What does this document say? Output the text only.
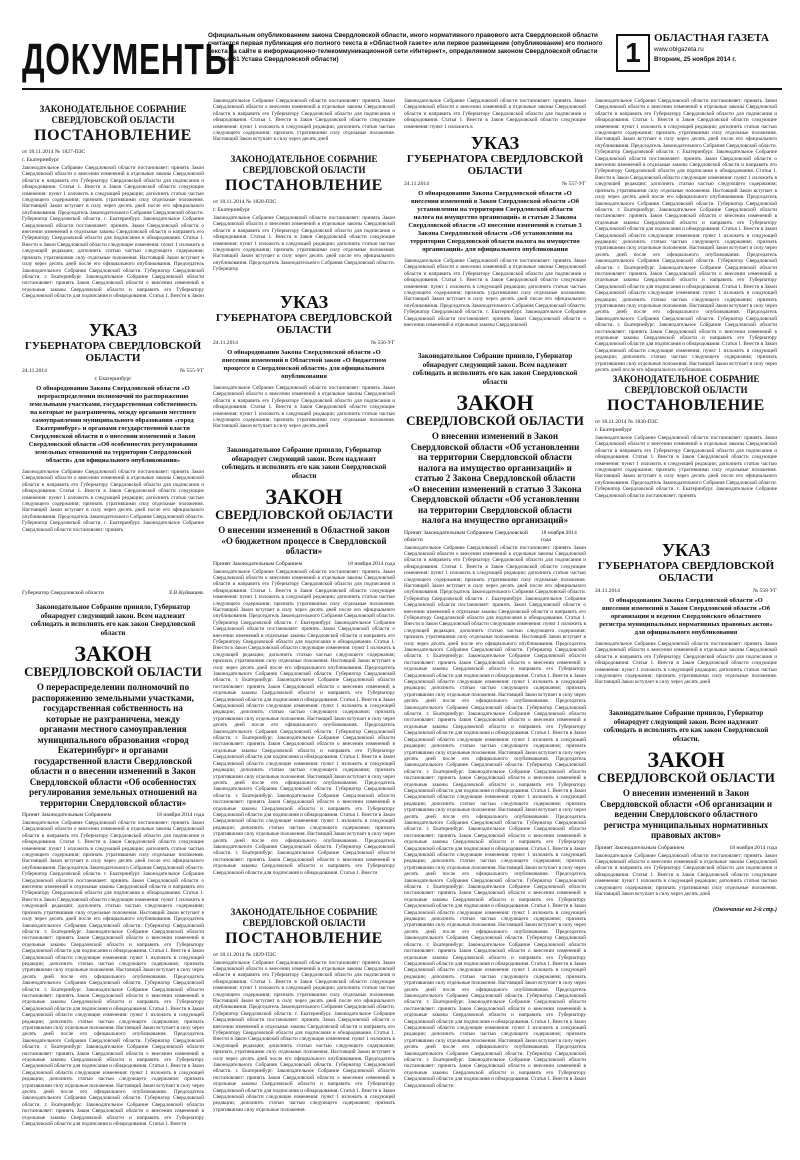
ДОКУМЕНТЫ
Официальным опубликованием закона Свердловской области, иного нормативного правового акта Свердловской области считается первая публикация его полного текста в «Областной газете» или первое размещение (опубликование) его полного текста на сайте в информационно-телекоммуникационной сети «Интернет», определяемом законом Свердловской области (статья 61 Устава Свердловской области)	1	ОБЛАСТНАЯ ГАЗЕТА
www.oblgazeta.ru
Вторник, 25 ноября 2014 г.
ЗАКОНОДАТЕЛЬНОЕ СОБРАНИЕ СВЕРДЛОВСКОЙ ОБЛАСТИ
ПОСТАНОВЛЕНИЕ
от 18.11.2014 № 1827-ПЗС
г. Екатеринбург

Законодательное Собрание Свердловской области постановляет: принять Закон Свердловской области о внесении изменений в отдельные законы Свердловской области и направить его Губернатору Свердловской области для подписания и обнародования. Статья 1. Внести в Закон Свердловской области следующие изменения: пункт 1 изложить в следующей редакции; дополнить статью частью следующего содержания; признать утратившими силу отдельные положения. Настоящий Закон вступает в силу через десять дней после его официального опубликования. Председатель Законодательного Собрания Свердловской области. Губернатор Свердловской области. г. Екатеринбург. Законодательное Собрание Свердловской области постановляет: принять Закон Свердловской области о внесении изменений в отдельные законы Свердловской области и направить его Губернатору Свердловской области для подписания и обнародования. Статья 1. Внести в Закон Свердловской области следующие изменения: пункт 1 изложить в следующей редакции; дополнить статью частью следующего содержания; признать утратившими силу отдельные положения. Настоящий Закон вступает в силу через десять дней после его официального опубликования. Председатель Законодательного Собрания Свердловской области. Губернатор Свердловской области. г. Екатеринбург. Законодательное Собрание Свердловской области постановляет: принять Закон Свердловской области о внесении изменений в отдельные законы Свердловской области и направить его Губернатору Свердловской области для подписания и обнародования. Статья 1. Внести в Закон

УКАЗ
ГУБЕРНАТОРА СВЕРДЛОВСКОЙ ОБЛАСТИ
24.11.2014	№ 555-УГ
г. Екатеринбург
О обнародовании Закона Свердловской области «О перераспределении полномочий по распоряжению земельными участками, государственная собственность на которые не разграничена, между органами местного самоуправления муниципального образования «город Екатеринбург» и органами государственной власти Свердловской области и о внесении изменений в Закон Свердловской области «Об особенностях регулирования земельных отношений на территории Свердловской области» для официального опубликования»

Законодательное Собрание Свердловской области постановляет: принять Закон Свердловской области о внесении изменений в отдельные законы Свердловской области и направить его Губернатору Свердловской области для подписания и обнародования. Статья 1. Внести в Закон Свердловской области следующие изменения: пункт 1 изложить в следующей редакции; дополнить статью частью следующего содержания; признать утратившими силу отдельные положения. Настоящий Закон вступает в силу через десять дней после его официального опубликования. Председатель Законодательного Собрания Свердловской области. Губернатор Свердловской области. г. Екатеринбург. Законодательное Собрание Свердловской области постановляет: принять

Губернатор Свердловской области	Е.В.Куйвашев.
Законодательное Собрание приняло, Губернатор обнародует следующий закон. Всем надлежит соблюдать и исполнять его как закон Свердловской области
ЗАКОН
СВЕРДЛОВСКОЙ ОБЛАСТИ
О перераспределении полномочий по распоряжению земельными участками, государственная собственность на которые не разграничена, между органами местного самоуправления муниципального образования «город Екатеринбург» и органами государственной власти Свердловской области и о внесении изменений в Закон Свердловской области «Об особенностях регулирования земельных отношений на территории Свердловской области»
Принят Законодательным Собранием	18 ноября 2014 года

Законодательное Собрание Свердловской области постановляет: принять Закон Свердловской области о внесении изменений в отдельные законы Свердловской области и направить его Губернатору Свердловской области для подписания и обнародования. Статья 1. Внести в Закон Свердловской области следующие изменения: пункт 1 изложить в следующей редакции; дополнить статью частью следующего содержания; признать утратившими силу отдельные положения. Настоящий Закон вступает в силу через десять дней после его официального опубликования. Председатель Законодательного Собрания Свердловской области. Губернатор Свердловской области. г. Екатеринбург. Законодательное Собрание Свердловской области постановляет: принять Закон Свердловской области о внесении изменений в отдельные законы Свердловской области и направить его Губернатору Свердловской области для подписания и обнародования. Статья 1. Внести в Закон Свердловской области следующие изменения: пункт 1 изложить в следующей редакции; дополнить статью частью следующего содержания; признать утратившими силу отдельные положения. Настоящий Закон вступает в силу через десять дней после его официального опубликования. Председатель Законодательного Собрания Свердловской области. Губернатор Свердловской области. г. Екатеринбург. Законодательное Собрание Свердловской области постановляет: принять Закон Свердловской области о внесении изменений в отдельные законы Свердловской области и направить его Губернатору Свердловской области для подписания и обнародования. Статья 1. Внести в Закон Свердловской области следующие изменения: пункт 1 изложить в следующей редакции; дополнить статью частью следующего содержания; признать утратившими силу отдельные положения. Настоящий Закон вступает в силу через десять дней после его официального опубликования. Председатель Законодательного Собрания Свердловской области. Губернатор Свердловской области. г. Екатеринбург. Законодательное Собрание Свердловской области постановляет: принять Закон Свердловской области о внесении изменений в отдельные законы Свердловской области и направить его Губернатору Свердловской области для подписания и обнародования. Статья 1. Внести в Закон Свердловской области следующие изменения: пункт 1 изложить в следующей редакции; дополнить статью частью следующего содержания; признать утратившими силу отдельные положения. Настоящий Закон вступает в силу через десять дней после его официального опубликования. Председатель Законодательного Собрания Свердловской области. Губернатор Свердловской области. г. Екатеринбург. Законодательное Собрание Свердловской области постановляет: принять Закон Свердловской области о внесении изменений в отдельные законы Свердловской области и направить его Губернатору Свердловской области для подписания и обнародования. Статья 1. Внести в Закон Свердловской области следующие изменения: пункт 1 изложить в следующей редакции; дополнить статью частью следующего содержания; признать утратившими силу отдельные положения. Настоящий Закон вступает в силу через десять дней после его официального опубликования. Председатель Законодательного Собрания Свердловской области. Губернатор Свердловской области. г. Екатеринбург. Законодательное Собрание Свердловской области постановляет: принять Закон Свердловской области о внесении изменений в отдельные законы Свердловской области и направить его Губернатору Свердловской области для подписания и обнародования. Статья 1. Внести

Законодательное Собрание Свердловской области постановляет: принять Закон Свердловской области о внесении изменений в отдельные законы Свердловской области и направить его Губернатору Свердловской области для подписания и обнародования. Статья 1. Внести в Закон Свердловской области следующие изменения: пункт 1 изложить в следующей редакции; дополнить статью частью следующего содержания; признать утратившими силу отдельные положения. Настоящий Закон вступает в силу через десять дней

ЗАКОНОДАТЕЛЬНОЕ СОБРАНИЕ СВЕРДЛОВСКОЙ ОБЛАСТИ
ПОСТАНОВЛЕНИЕ
от 18.11.2014 № 1828-ПЗС
г. Екатеринбург

Законодательное Собрание Свердловской области постановляет: принять Закон Свердловской области о внесении изменений в отдельные законы Свердловской области и направить его Губернатору Свердловской области для подписания и обнародования. Статья 1. Внести в Закон Свердловской области следующие изменения: пункт 1 изложить в следующей редакции; дополнить статью частью следующего содержания; признать утратившими силу отдельные положения. Настоящий Закон вступает в силу через десять дней после его официального опубликования. Председатель Законодательного Собрания Свердловской области. Губернатор

УКАЗ
ГУБЕРНАТОРА СВЕРДЛОВСКОЙ ОБЛАСТИ
24.11.2014	№ 556-УГ
О обнародовании Закона Свердловской области «О внесении изменений в Областной закон «О бюджетном процессе в Свердловской области» для официального опубликования

Законодательное Собрание Свердловской области постановляет: принять Закон Свердловской области о внесении изменений в отдельные законы Свердловской области и направить его Губернатору Свердловской области для подписания и обнародования. Статья 1. Внести в Закон Свердловской области следующие изменения: пункт 1 изложить в следующей редакции; дополнить статью частью следующего содержания; признать утратившими силу отдельные положения. Настоящий Закон вступает в силу через десять дней

Законодательное Собрание приняло, Губернатор обнародует следующий закон. Всем надлежит соблюдать и исполнять его как закон Свердловской области
ЗАКОН
СВЕРДЛОВСКОЙ ОБЛАСТИ
О внесении изменений в Областной закон «О бюджетном процессе в Свердловской области»
Принят Законодательным Собранием	18 ноября 2014 года

Законодательное Собрание Свердловской области постановляет: принять Закон Свердловской области о внесении изменений в отдельные законы Свердловской области и направить его Губернатору Свердловской области для подписания и обнародования. Статья 1. Внести в Закон Свердловской области следующие изменения: пункт 1 изложить в следующей редакции; дополнить статью частью следующего содержания; признать утратившими силу отдельные положения. Настоящий Закон вступает в силу через десять дней после его официального опубликования. Председатель Законодательного Собрания Свердловской области. Губернатор Свердловской области. г. Екатеринбург. Законодательное Собрание Свердловской области постановляет: принять Закон Свердловской области о внесении изменений в отдельные законы Свердловской области и направить его Губернатору Свердловской области для подписания и обнародования. Статья 1. Внести в Закон Свердловской области следующие изменения: пункт 1 изложить в следующей редакции; дополнить статью частью следующего содержания; признать утратившими силу отдельные положения. Настоящий Закон вступает в силу через десять дней после его официального опубликования. Председатель Законодательного Собрания Свердловской области. Губернатор Свердловской области. г. Екатеринбург. Законодательное Собрание Свердловской области постановляет: принять Закон Свердловской области о внесении изменений в отдельные законы Свердловской области и направить его Губернатору Свердловской области для подписания и обнародования. Статья 1. Внести в Закон Свердловской области следующие изменения: пункт 1 изложить в следующей редакции; дополнить статью частью следующего содержания; признать утратившими силу отдельные положения. Настоящий Закон вступает в силу через десять дней после его официального опубликования. Председатель Законодательного Собрания Свердловской области. Губернатор Свердловской области. г. Екатеринбург. Законодательное Собрание Свердловской области постановляет: принять Закон Свердловской области о внесении изменений в отдельные законы Свердловской области и направить его Губернатору Свердловской области для подписания и обнародования. Статья 1. Внести в Закон Свердловской области следующие изменения: пункт 1 изложить в следующей редакции; дополнить статью частью следующего содержания; признать утратившими силу отдельные положения. Настоящий Закон вступает в силу через десять дней после его официального опубликования. Председатель Законодательного Собрания Свердловской области. Губернатор Свердловской области. г. Екатеринбург. Законодательное Собрание Свердловской области постановляет: принять Закон Свердловской области о внесении изменений в отдельные законы Свердловской области и направить его Губернатору Свердловской области для подписания и обнародования. Статья 1. Внести в Закон Свердловской области следующие изменения: пункт 1 изложить в следующей редакции; дополнить статью частью следующего содержания; признать утратившими силу отдельные положения. Настоящий Закон вступает в силу через десять дней после его официального опубликования. Председатель Законодательного Собрания Свердловской области. Губернатор Свердловской области. г. Екатеринбург. Законодательное Собрание Свердловской области постановляет: принять Закон Свердловской области о внесении изменений в отдельные законы Свердловской области и направить его Губернатору Свердловской области для подписания и обнародования. Статья 1. Внести

ЗАКОНОДАТЕЛЬНОЕ СОБРАНИЕ СВЕРДЛОВСКОЙ ОБЛАСТИ
ПОСТАНОВЛЕНИЕ
от 18.11.2014 № 1829-ПЗС

Законодательное Собрание Свердловской области постановляет: принять Закон Свердловской области о внесении изменений в отдельные законы Свердловской области и направить его Губернатору Свердловской области для подписания и обнародования. Статья 1. Внести в Закон Свердловской области следующие изменения: пункт 1 изложить в следующей редакции; дополнить статью частью следующего содержания; признать утратившими силу отдельные положения. Настоящий Закон вступает в силу через десять дней после его официального опубликования. Председатель Законодательного Собрания Свердловской области. Губернатор Свердловской области. г. Екатеринбург. Законодательное Собрание Свердловской области постановляет: принять Закон Свердловской области о внесении изменений в отдельные законы Свердловской области и направить его Губернатору Свердловской области для подписания и обнародования. Статья 1. Внести в Закон Свердловской области следующие изменения: пункт 1 изложить в следующей редакции; дополнить статью частью следующего содержания; признать утратившими силу отдельные положения. Настоящий Закон вступает в силу через десять дней после его официального опубликования. Председатель Законодательного Собрания Свердловской области. Губернатор Свердловской области. г. Екатеринбург. Законодательное Собрание Свердловской области постановляет: принять Закон Свердловской области о внесении изменений в отдельные законы Свердловской области и направить его Губернатору Свердловской области для подписания и обнародования. Статья 1. Внести в Закон Свердловской области следующие изменения: пункт 1 изложить в следующей редакции; дополнить статью частью следующего содержания; признать утратившими силу отдельные положения.

Законодательное Собрание Свердловской области постановляет: принять Закон Свердловской области о внесении изменений в отдельные законы Свердловской области и направить его Губернатору Свердловской области для подписания и обнародования. Статья 1. Внести в Закон Свердловской области следующие изменения: пункт 1 изложить в

УКАЗ
ГУБЕРНАТОРА СВЕРДЛОВСКОЙ ОБЛАСТИ
24.11.2014	№ 557-УГ
О обнародовании Закона Свердловской области «О внесении изменений в Закон Свердловской области «Об установлении на территории Свердловской области налога на имущество организаций» и статью 2 Закона Свердловской области «О внесении изменений в статью 3 Закона Свердловской области «Об установлении на территории Свердловской области налога на имущество организаций» для официального опубликования

Законодательное Собрание Свердловской области постановляет: принять Закон Свердловской области о внесении изменений в отдельные законы Свердловской области и направить его Губернатору Свердловской области для подписания и обнародования. Статья 1. Внести в Закон Свердловской области следующие изменения: пункт 1 изложить в следующей редакции; дополнить статью частью следующего содержания; признать утратившими силу отдельные положения. Настоящий Закон вступает в силу через десять дней после его официального опубликования. Председатель Законодательного Собрания Свердловской области. Губернатор Свердловской области. г. Екатеринбург. Законодательное Собрание Свердловской области постановляет: принять Закон Свердловской области о внесении изменений в отдельные законы Свердловской

Законодательное Собрание приняло, Губернатор обнародует следующий закон. Всем надлежит соблюдать и исполнять его как закон Свердловской области
ЗАКОН
СВЕРДЛОВСКОЙ ОБЛАСТИ
О внесении изменений в Закон Свердловской области «Об установлении на территории Свердловской области налога на имущество организаций» и статью 2 Закона Свердловской области «О внесении изменений в статью 3 Закона Свердловской области «Об установлении на территории Свердловской области налога на имущество организаций»
Принят Законодательным Собранием Свердловской области
18 ноября 2014 года

Законодательное Собрание Свердловской области постановляет: принять Закон Свердловской области о внесении изменений в отдельные законы Свердловской области и направить его Губернатору Свердловской области для подписания и обнародования. Статья 1. Внести в Закон Свердловской области следующие изменения: пункт 1 изложить в следующей редакции; дополнить статью частью следующего содержания; признать утратившими силу отдельные положения. Настоящий Закон вступает в силу через десять дней после его официального опубликования. Председатель Законодательного Собрания Свердловской области. Губернатор Свердловской области. г. Екатеринбург. Законодательное Собрание Свердловской области постановляет: принять Закон Свердловской области о внесении изменений в отдельные законы Свердловской области и направить его Губернатору Свердловской области для подписания и обнародования. Статья 1. Внести в Закон Свердловской области следующие изменения: пункт 1 изложить в следующей редакции; дополнить статью частью следующего содержания; признать утратившими силу отдельные положения. Настоящий Закон вступает в силу через десять дней после его официального опубликования. Председатель Законодательного Собрания Свердловской области. Губернатор Свердловской области. г. Екатеринбург. Законодательное Собрание Свердловской области постановляет: принять Закон Свердловской области о внесении изменений в отдельные законы Свердловской области и направить его Губернатору Свердловской области для подписания и обнародования. Статья 1. Внести в Закон Свердловской области следующие изменения: пункт 1 изложить в следующей редакции; дополнить статью частью следующего содержания; признать утратившими силу отдельные положения. Настоящий Закон вступает в силу через десять дней после его официального опубликования. Председатель Законодательного Собрания Свердловской области. Губернатор Свердловской области. г. Екатеринбург. Законодательное Собрание Свердловской области постановляет: принять Закон Свердловской области о внесении изменений в отдельные законы Свердловской области и направить его Губернатору Свердловской области для подписания и обнародования. Статья 1. Внести в Закон Свердловской области следующие изменения: пункт 1 изложить в следующей редакции; дополнить статью частью следующего содержания; признать утратившими силу отдельные положения. Настоящий Закон вступает в силу через десять дней после его официального опубликования. Председатель Законодательного Собрания Свердловской области. Губернатор Свердловской области. г. Екатеринбург. Законодательное Собрание Свердловской области постановляет: принять Закон Свердловской области о внесении изменений в отдельные законы Свердловской области и направить его Губернатору Свердловской области для подписания и обнародования. Статья 1. Внести в Закон Свердловской области следующие изменения: пункт 1 изложить в следующей редакции; дополнить статью частью следующего содержания; признать утратившими силу отдельные положения. Настоящий Закон вступает в силу через десять дней после его официального опубликования. Председатель Законодательного Собрания Свердловской области. Губернатор Свердловской области. г. Екатеринбург. Законодательное Собрание Свердловской области постановляет: принять Закон Свердловской области о внесении изменений в отдельные законы Свердловской области и направить его Губернатору Свердловской области для подписания и обнародования. Статья 1. Внести в Закон Свердловской области следующие изменения: пункт 1 изложить в следующей редакции; дополнить статью частью следующего содержания; признать утратившими силу отдельные положения. Настоящий Закон вступает в силу через десять дней после его официального опубликования. Председатель Законодательного Собрания Свердловской области. Губернатор Свердловской области. г. Екатеринбург. Законодательное Собрание Свердловской области постановляет: принять Закон Свердловской области о внесении изменений в отдельные законы Свердловской области и направить его Губернатору Свердловской области для подписания и обнародования. Статья 1. Внести в Закон Свердловской области следующие изменения: пункт 1 изложить в следующей редакции; дополнить статью частью следующего содержания; признать утратившими силу отдельные положения. Настоящий Закон вступает в силу через десять дней после его официального опубликования. Председатель Законодательного Собрания Свердловской области. Губернатор Свердловской области. г. Екатеринбург. Законодательное Собрание Свердловской области постановляет: принять Закон Свердловской области о внесении изменений в отдельные законы Свердловской области и направить его Губернатору Свердловской области для подписания и обнародования. Статья 1. Внести в Закон Свердловской области следующие изменения: пункт 1 изложить в следующей редакции; дополнить статью частью следующего содержания; признать утратившими силу отдельные положения. Настоящий Закон вступает в силу через десять дней после его официального опубликования. Председатель Законодательного Собрания Свердловской области. Губернатор Свердловской области. г. Екатеринбург. Законодательное Собрание Свердловской области постановляет: принять Закон Свердловской области о внесении изменений в отдельные законы Свердловской области и направить его Губернатору Свердловской области для подписания и обнародования. Статья 1. Внести в Закон Свердловской области следующие изменения: пункт 1 изложить в следующей редакции; дополнить статью частью следующего содержания; признать утратившими силу отдельные положения. Настоящий Закон вступает в силу через десять дней после его официального опубликования. Председатель Законодательного Собрания Свердловской области. Губернатор Свердловской области. г. Екатеринбург. Законодательное Собрание Свердловской области постановляет: принять Закон Свердловской области о внесении изменений в отдельные законы Свердловской области и направить его Губернатору Свердловской области для подписания и обнародования. Статья 1. Внести в Закон Свердловской области

Законодательное Собрание Свердловской области постановляет: принять Закон Свердловской области о внесении изменений в отдельные законы Свердловской области и направить его Губернатору Свердловской области для подписания и обнародования. Статья 1. Внести в Закон Свердловской области следующие изменения: пункт 1 изложить в следующей редакции; дополнить статью частью следующего содержания; признать утратившими силу отдельные положения. Настоящий Закон вступает в силу через десять дней после его официального опубликования. Председатель Законодательного Собрания Свердловской области. Губернатор Свердловской области. г. Екатеринбург. Законодательное Собрание Свердловской области постановляет: принять Закон Свердловской области о внесении изменений в отдельные законы Свердловской области и направить его Губернатору Свердловской области для подписания и обнародования. Статья 1. Внести в Закон Свердловской области следующие изменения: пункт 1 изложить в следующей редакции; дополнить статью частью следующего содержания; признать утратившими силу отдельные положения. Настоящий Закон вступает в силу через десять дней после его официального опубликования. Председатель Законодательного Собрания Свердловской области. Губернатор Свердловской области. г. Екатеринбург. Законодательное Собрание Свердловской области постановляет: принять Закон Свердловской области о внесении изменений в отдельные законы Свердловской области и направить его Губернатору Свердловской области для подписания и обнародования. Статья 1. Внести в Закон Свердловской области следующие изменения: пункт 1 изложить в следующей редакции; дополнить статью частью следующего содержания; признать утратившими силу отдельные положения. Настоящий Закон вступает в силу через десять дней после его официального опубликования. Председатель Законодательного Собрания Свердловской области. Губернатор Свердловской области. г. Екатеринбург. Законодательное Собрание Свердловской области постановляет: принять Закон Свердловской области о внесении изменений в отдельные законы Свердловской области и направить его Губернатору Свердловской области для подписания и обнародования. Статья 1. Внести в Закон Свердловской области следующие изменения: пункт 1 изложить в следующей редакции; дополнить статью частью следующего содержания; признать утратившими силу отдельные положения. Настоящий Закон вступает в силу через десять дней после его официального опубликования. Председатель Законодательного Собрания Свердловской области. Губернатор Свердловской области. г. Екатеринбург. Законодательное Собрание Свердловской области постановляет: принять Закон Свердловской области о внесении изменений в отдельные законы Свердловской области и направить его Губернатору Свердловской области для подписания и обнародования. Статья 1. Внести в Закон Свердловской области следующие изменения: пункт 1 изложить в следующей редакции; дополнить статью частью следующего содержания; признать утратившими силу отдельные положения. Настоящий Закон вступает в силу через десять дней после его официального опубликования.

ЗАКОНОДАТЕЛЬНОЕ СОБРАНИЕ СВЕРДЛОВСКОЙ ОБЛАСТИ
ПОСТАНОВЛЕНИЕ
от 18.11.2014 № 1830-ПЗС
г. Екатеринбург

Законодательное Собрание Свердловской области постановляет: принять Закон Свердловской области о внесении изменений в отдельные законы Свердловской области и направить его Губернатору Свердловской области для подписания и обнародования. Статья 1. Внести в Закон Свердловской области следующие изменения: пункт 1 изложить в следующей редакции; дополнить статью частью следующего содержания; признать утратившими силу отдельные положения. Настоящий Закон вступает в силу через десять дней после его официального опубликования. Председатель Законодательного Собрания Свердловской области. Губернатор Свердловской области. г. Екатеринбург. Законодательное Собрание Свердловской области постановляет: принять

УКАЗ
ГУБЕРНАТОРА СВЕРДЛОВСКОЙ ОБЛАСТИ
24.11.2014	№ 558-УГ
О обнародовании Закона Свердловской области «О внесении изменений в Закон Свердловской области «Об организации и ведении Свердловского областного регистра муниципальных нормативных правовых актов» для официального опубликования

Законодательное Собрание Свердловской области постановляет: принять Закон Свердловской области о внесении изменений в отдельные законы Свердловской области и направить его Губернатору Свердловской области для подписания и обнародования. Статья 1. Внести в Закон Свердловской области следующие изменения: пункт 1 изложить в следующей редакции; дополнить статью частью следующего содержания; признать утратившими силу отдельные положения. Настоящий Закон вступает в силу через десять дней

Законодательное Собрание приняло, Губернатор обнародует следующий закон. Всем надлежит соблюдать и исполнять его как закон Свердловской области.
ЗАКОН
СВЕРДЛОВСКОЙ ОБЛАСТИ
О внесении изменений в Закон Свердловской области «Об организации и ведении Свердловского областного регистра муниципальных нормативных правовых актов»
Принят Законодательным Собранием	18 ноября 2014 года

Законодательное Собрание Свердловской области постановляет: принять Закон Свердловской области о внесении изменений в отдельные законы Свердловской области и направить его Губернатору Свердловской области для подписания и обнародования. Статья 1. Внести в Закон Свердловской области следующие изменения: пункт 1 изложить в следующей редакции; дополнить статью частью следующего содержания; признать утратившими силу отдельные положения. Настоящий Закон вступает в силу через десять дней

(Окончание на 2-й стр.)
